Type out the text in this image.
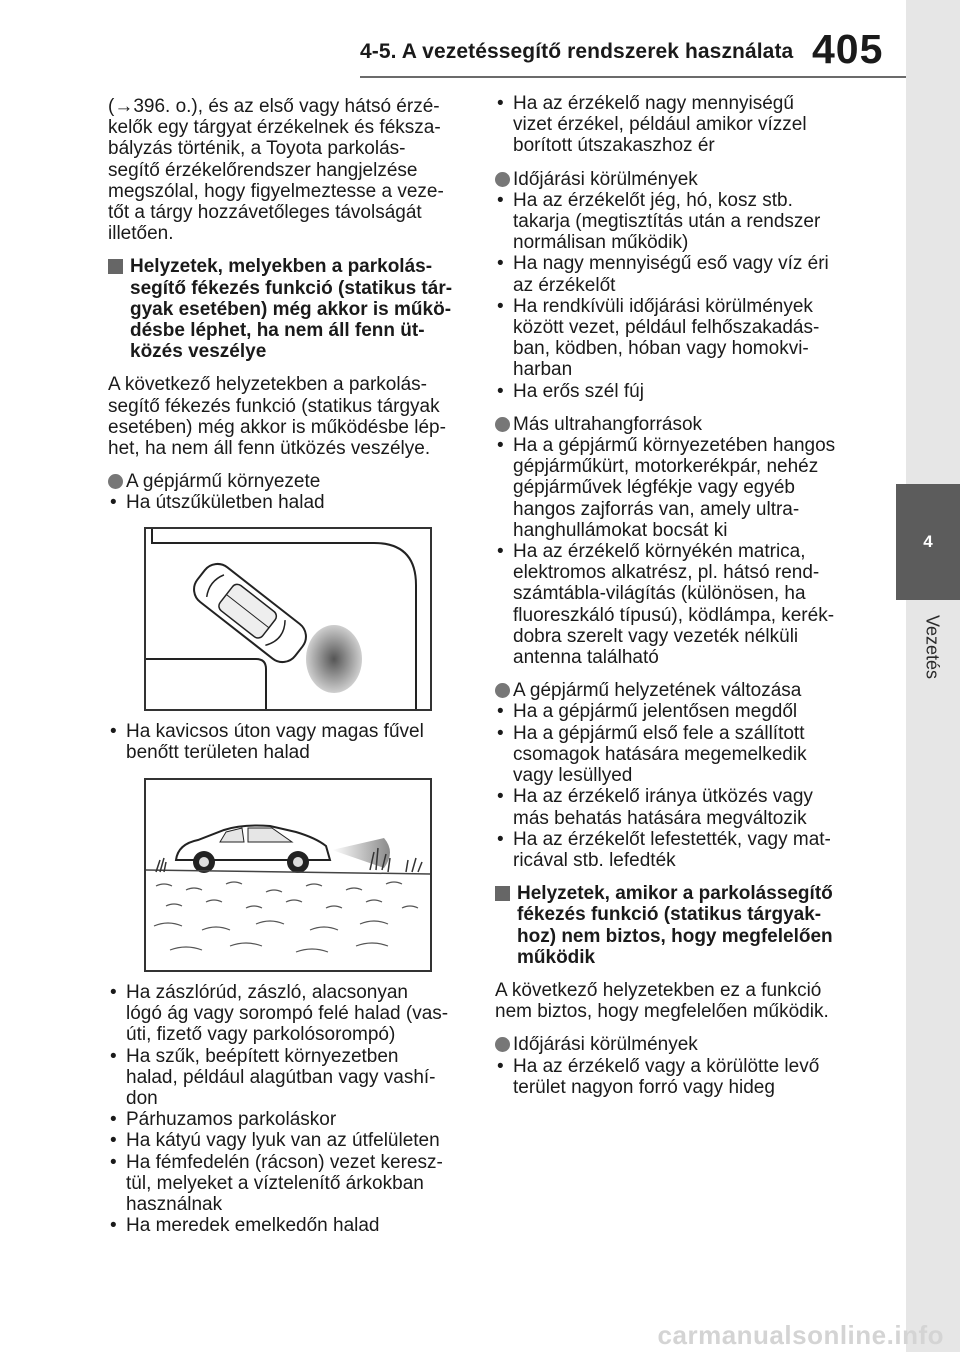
4-5. A vezetéssegítő rendszerek használata 405
4
Vezetés

(→396. o.), és az első vagy hátsó érzé-

kelők egy tárgyat érzékelnek és féksza-

bályzás történik, a Toyota parkolás-

segítő érzékelőrendszer hangjelzése

megszólal, hogy figyelmeztesse a veze-

tőt a tárgy hozzávetőleges távolságát

illetően.

Helyzetek, melyekben a parkolás-

segítő fékezés funkció (statikus tár-

gyak esetében) még akkor is műkö-

désbe léphet, ha nem áll fenn üt-

közés veszélye

A következő helyzetekben a parkolás-

segítő fékezés funkció (statikus tárgyak

esetében) még akkor is működésbe lép-

het, ha nem áll fenn ütközés veszélye.

A gépjármű környezete
• Ha útszűkületben halad

• Ha kavicsos úton vagy magas fűvel

benőtt területen halad

• Ha zászlórúd, zászló, alacsonyan

lógó ág vagy sorompó felé halad (vas-

úti, fizető vagy parkolósorompó)

• Ha szűk, beépített környezetben

halad, például alagútban vagy vashí-

don

• Párhuzamos parkoláskor
• Ha kátyú vagy lyuk van az útfelületen

• Ha fémfedelén (rácson) vezet keresz-

tül, melyeket a víztelenítő árkokban

használnak

• Ha meredek emelkedőn halad

• Ha az érzékelő nagy mennyiségű

vizet érzékel, például amikor vízzel

borított útszakaszhoz ér

Időjárási körülmények

• Ha az érzékelőt jég, hó, kosz stb.

takarja (megtisztítás után a rendszer

normálisan működik)

• Ha nagy mennyiségű eső vagy víz éri

az érzékelőt

• Ha rendkívüli időjárási körülmények

között vezet, például felhőszakadás-

ban, ködben, hóban vagy homokvi-

harban

• Ha erős szél fúj
Más ultrahangforrások

• Ha a gépjármű környezetében hangos

gépjárműkürt, motorkerékpár, nehéz

gépjárművek légfékje vagy egyéb

hangos zajforrás van, amely ultra-

hanghullámokat bocsát ki

• Ha az érzékelő környékén matrica,

elektromos alkatrész, pl. hátsó rend-

számtábla-világítás (különösen, ha

fluoreszkáló típusú), ködlámpa, kerék-

dobra szerelt vagy vezeték nélküli

antenna található

A gépjármű helyzetének változása
• Ha a gépjármű jelentősen megdől

• Ha a gépjármű első fele a szállított

csomagok hatására megemelkedik

vagy lesüllyed

• Ha az érzékelő iránya ütközés vagy

más behatás hatására megváltozik

• Ha az érzékelőt lefestették, vagy mat-

ricával stb. lefedték

Helyzetek, amikor a parkolássegítő

fékezés funkció (statikus tárgyak-

hoz) nem biztos, hogy megfelelően

működik

A következő helyzetekben ez a funkció

nem biztos, hogy megfelelően működik.

Időjárási körülmények

• Ha az érzékelő vagy a körülötte levő

terület nagyon forró vagy hideg

carmanualsonline.info
